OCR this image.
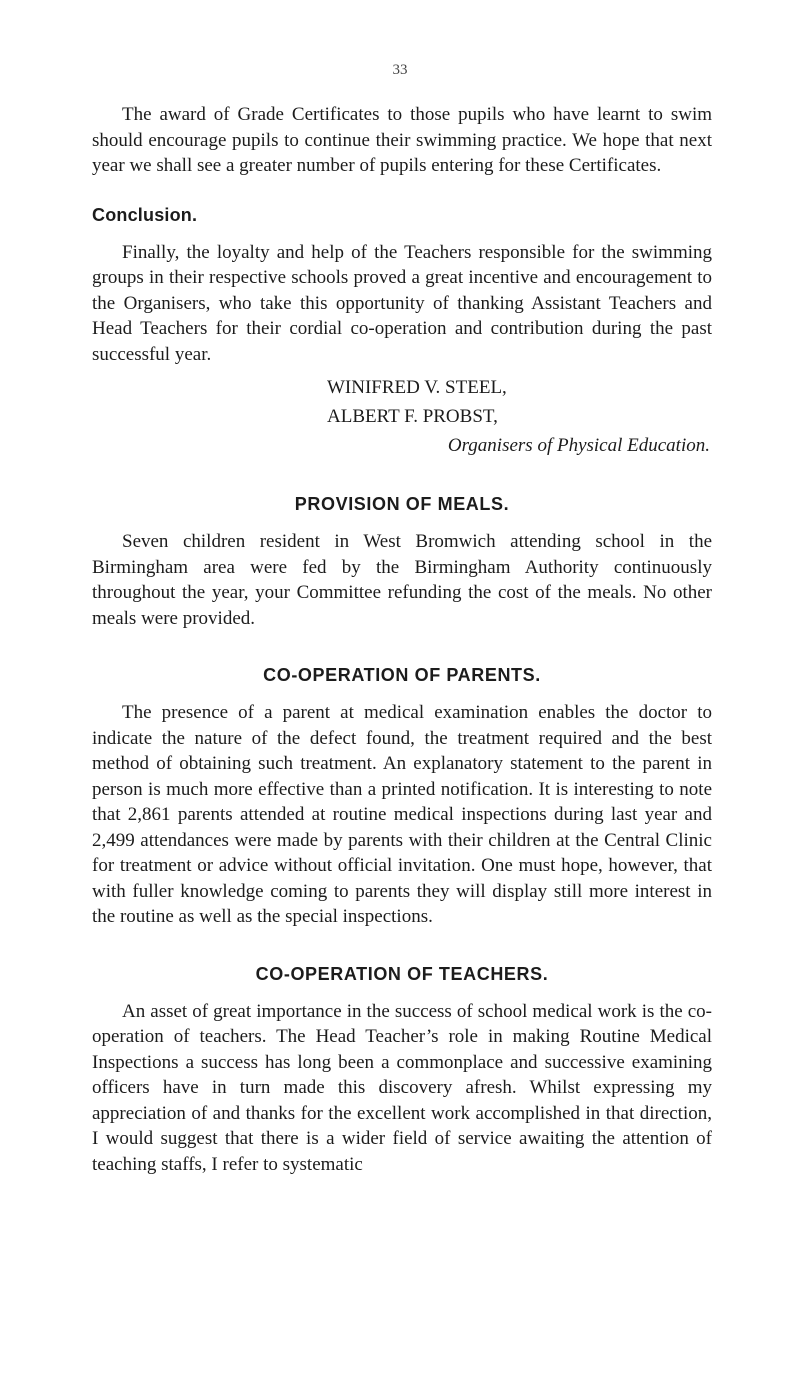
33

The award of Grade Certificates to those pupils who have learnt to swim should encourage pupils to continue their swimming practice. We hope that next year we shall see a greater number of pupils entering for these Certificates.

Conclusion.

Finally, the loyalty and help of the Teachers responsible for the swimming groups in their respective schools proved a great incentive and encouragement to the Organisers, who take this opportunity of thanking Assistant Teachers and Head Teachers for their cordial co-operation and contribution during the past successful year.

WINIFRED V. STEEL,
ALBERT F. PROBST,
Organisers of Physical Education.
PROVISION OF MEALS.

Seven children resident in West Bromwich attending school in the Birmingham area were fed by the Birmingham Authority continuously throughout the year, your Committee refunding the cost of the meals. No other meals were provided.

CO-OPERATION OF PARENTS.

The presence of a parent at medical examination enables the doctor to indicate the nature of the defect found, the treatment required and the best method of obtaining such treatment. An explanatory statement to the parent in person is much more effective than a printed notification. It is interesting to note that 2,861 parents attended at routine medical inspections during last year and 2,499 attendances were made by parents with their children at the Central Clinic for treatment or advice without official invitation. One must hope, however, that with fuller knowledge coming to parents they will display still more interest in the routine as well as the special inspections.

CO-OPERATION OF TEACHERS.

An asset of great importance in the success of school medical work is the co-operation of teachers. The Head Teacher’s role in making Routine Medical Inspections a success has long been a commonplace and successive examining officers have in turn made this discovery afresh. Whilst expressing my appreciation of and thanks for the excellent work accomplished in that direction, I would suggest that there is a wider field of service awaiting the attention of teaching staffs, I refer to systematic
